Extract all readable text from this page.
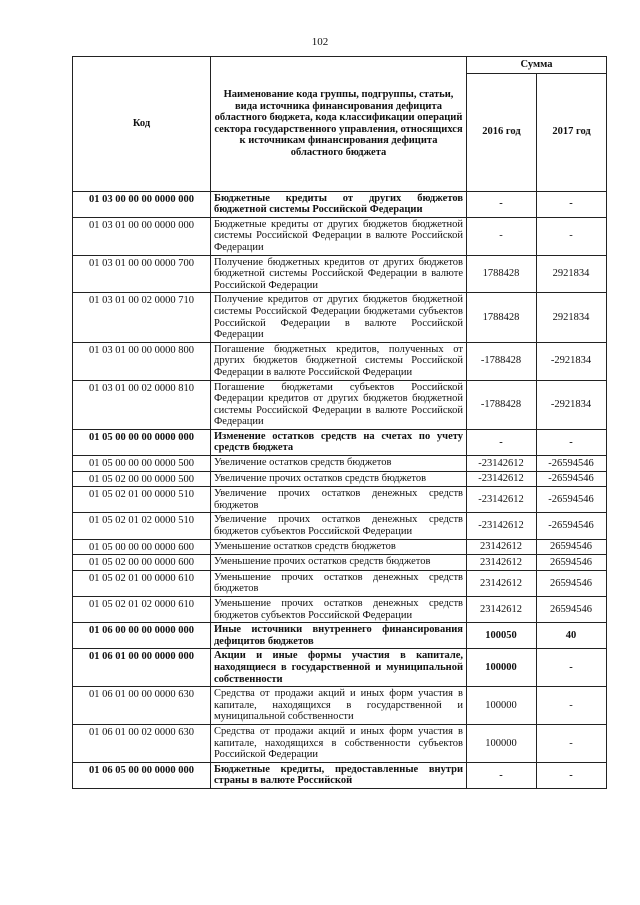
102
Код	Наименование кода группы, подгруппы, статьи, вида источника финансирования дефицита областного бюджета, кода классификации операций сектора государственного управления, относящихся к источникам финансирования дефицита областного бюджета	Сумма	
		2016 год	2017 год
01 03 00 00 00 0000 000	Бюджетные кредиты от других бюджетов бюджетной системы Российской Федерации	-	-
01 03 01 00 00 0000 000	Бюджетные кредиты от других бюджетов бюджетной системы Российской Федерации в валюте Российской Федерации	-	-
01 03 01 00 00 0000 700	Получение бюджетных кредитов от других бюджетов бюджетной системы Российской Федерации в валюте Российской Федерации	1788428	2921834
01 03 01 00 02 0000 710	Получение кредитов от других бюджетов бюджетной системы Российской Федерации бюджетами субъектов Российской Федерации в валюте Российской Федерации	1788428	2921834
01 03 01 00 00 0000 800	Погашение бюджетных кредитов, полученных от других бюджетов бюджетной системы Российской Федерации в валюте Российской Федерации	-1788428	-2921834
01 03 01 00 02 0000 810	Погашение бюджетами субъектов Российской Федерации кредитов от других бюджетов бюджетной системы Российской Федерации в валюте Российской Федерации	-1788428	-2921834
01 05 00 00 00 0000 000	Изменение остатков средств на счетах по учету средств бюджета	-	-
01 05 00 00 00 0000 500	Увеличение остатков средств бюджетов	-23142612	-26594546
01 05 02 00 00 0000 500	Увеличение прочих остатков средств бюджетов	-23142612	-26594546
01 05 02 01 00 0000 510	Увеличение прочих остатков денежных средств бюджетов	-23142612	-26594546
01 05 02 01 02 0000 510	Увеличение прочих остатков денежных средств бюджетов субъектов Российской Федерации	-23142612	-26594546
01 05 00 00 00 0000 600	Уменьшение остатков средств бюджетов	23142612	26594546
01 05 02 00 00 0000 600	Уменьшение прочих остатков средств бюджетов	23142612	26594546
01 05 02 01 00 0000 610	Уменьшение прочих остатков денежных средств бюджетов	23142612	26594546
01 05 02 01 02 0000 610	Уменьшение прочих остатков денежных средств бюджетов субъектов Российской Федерации	23142612	26594546
01 06 00 00 00 0000 000	Иные источники внутреннего финансирования дефицитов бюджетов	100050	40
01 06 01 00 00 0000 000	Акции и иные формы участия в капитале, находящиеся в государственной и муниципальной собственности	100000	-
01 06 01 00 00 0000 630	Средства от продажи акций и иных форм участия в капитале, находящихся в государственной и муниципальной собственности	100000	-
01 06 01 00 02 0000 630	Средства от продажи акций и иных форм участия в капитале, находящихся в собственности субъектов Российской Федерации	100000	-
01 06 05 00 00 0000 000	Бюджетные кредиты, предоставленные внутри страны в валюте Российской	-	-
